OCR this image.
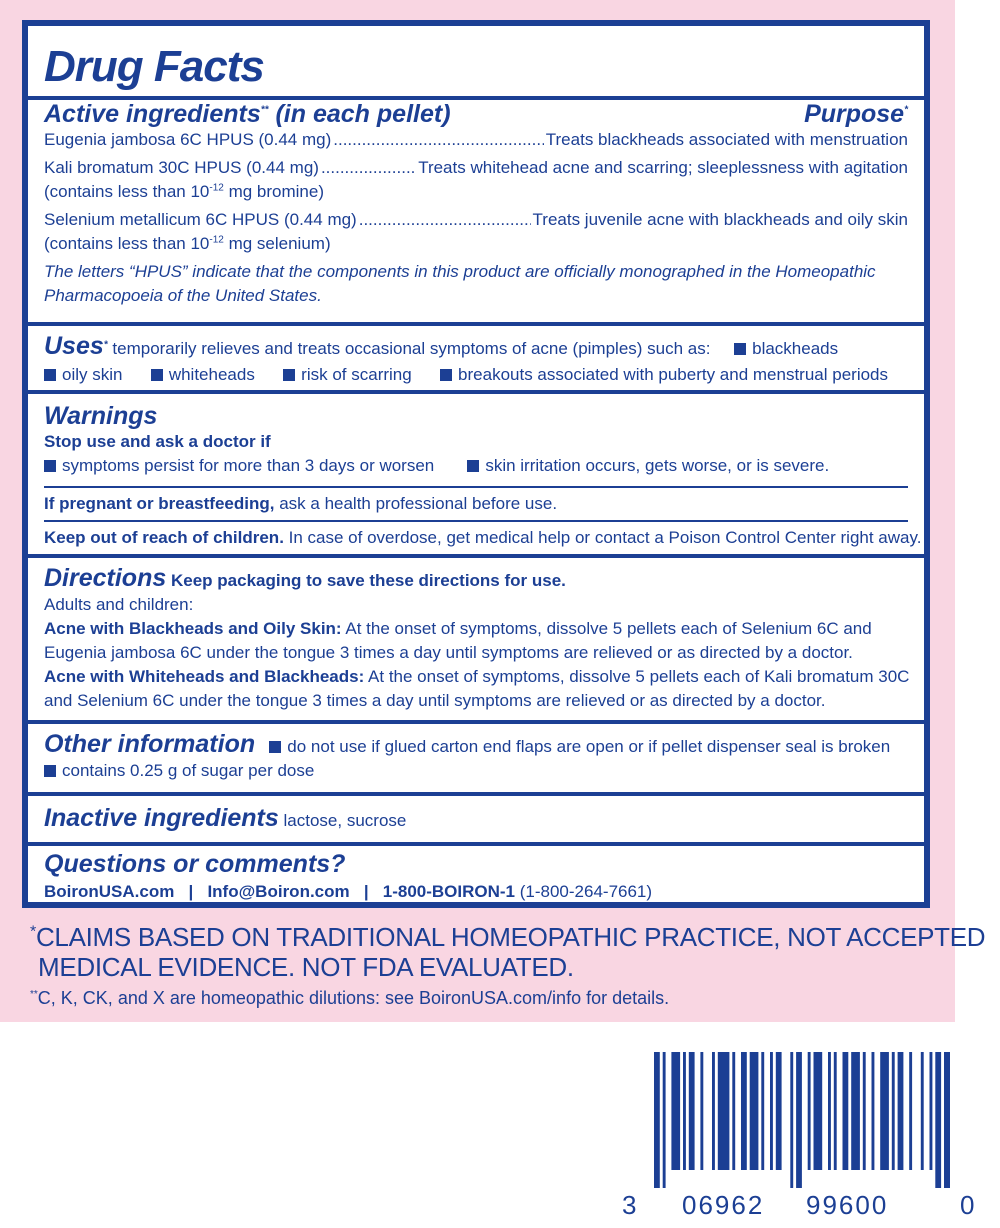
Drug Facts
Active ingredients** (in each pellet)	Purpose*
Eugenia jambosa 6C HPUS (0.44 mg) .....	Treats blackheads associated with menstruation
Kali bromatum 30C HPUS (0.44 mg) .....	Treats whitehead acne and scarring; sleeplessness with agitation
(contains less than $10^{-12}$ mg bromine)
Selenium metallicum 6C HPUS (0.44 mg) .....	Treats juvenile acne with blackheads and oily skin
(contains less than $10^{-12}$ mg selenium)
The letters “HPUS” indicate that the components in this product are officially monographed in the Homeopathic
Pharmacopoeia of the United States.
Uses* temporarily relieves and treats occasional symptoms of acne (pimples) such as: blackheads
oily skin	whiteheads	risk of scarring	breakouts associated with puberty and menstrual periods
Warnings
Stop use and ask a doctor if
symptoms persist for more than 3 days or worsen	skin irritation occurs, gets worse, or is severe.
If pregnant or breastfeeding, ask a health professional before use.
Keep out of reach of children. In case of overdose, get medical help or contact a Poison Control Center right away.
Directions Keep packaging to save these directions for use.
Adults and children:
Acne with Blackheads and Oily Skin: At the onset of symptoms, dissolve 5 pellets each of Selenium 6C and
Eugenia jambosa 6C under the tongue 3 times a day until symptoms are relieved or as directed by a doctor.
Acne with Whiteheads and Blackheads: At the onset of symptoms, dissolve 5 pellets each of Kali bromatum 30C
and Selenium 6C under the tongue 3 times a day until symptoms are relieved or as directed by a doctor.
Other information do not use if glued carton end flaps are open or if pellet dispenser seal is broken
contains 0.25 g of sugar per dose
Inactive ingredients lactose, sucrose
Questions or comments?
BoironUSA.com | Info@Boiron.com | 1-800-BOIRON-1 (1-800-264-7661)
*CLAIMS BASED ON TRADITIONAL HOMEOPATHIC PRACTICE, NOT ACCEPTED
MEDICAL EVIDENCE. NOT FDA EVALUATED.
**C, K, CK, and X are homeopathic dilutions: see BoironUSA.com/info for details.
3 06962 99600	0
